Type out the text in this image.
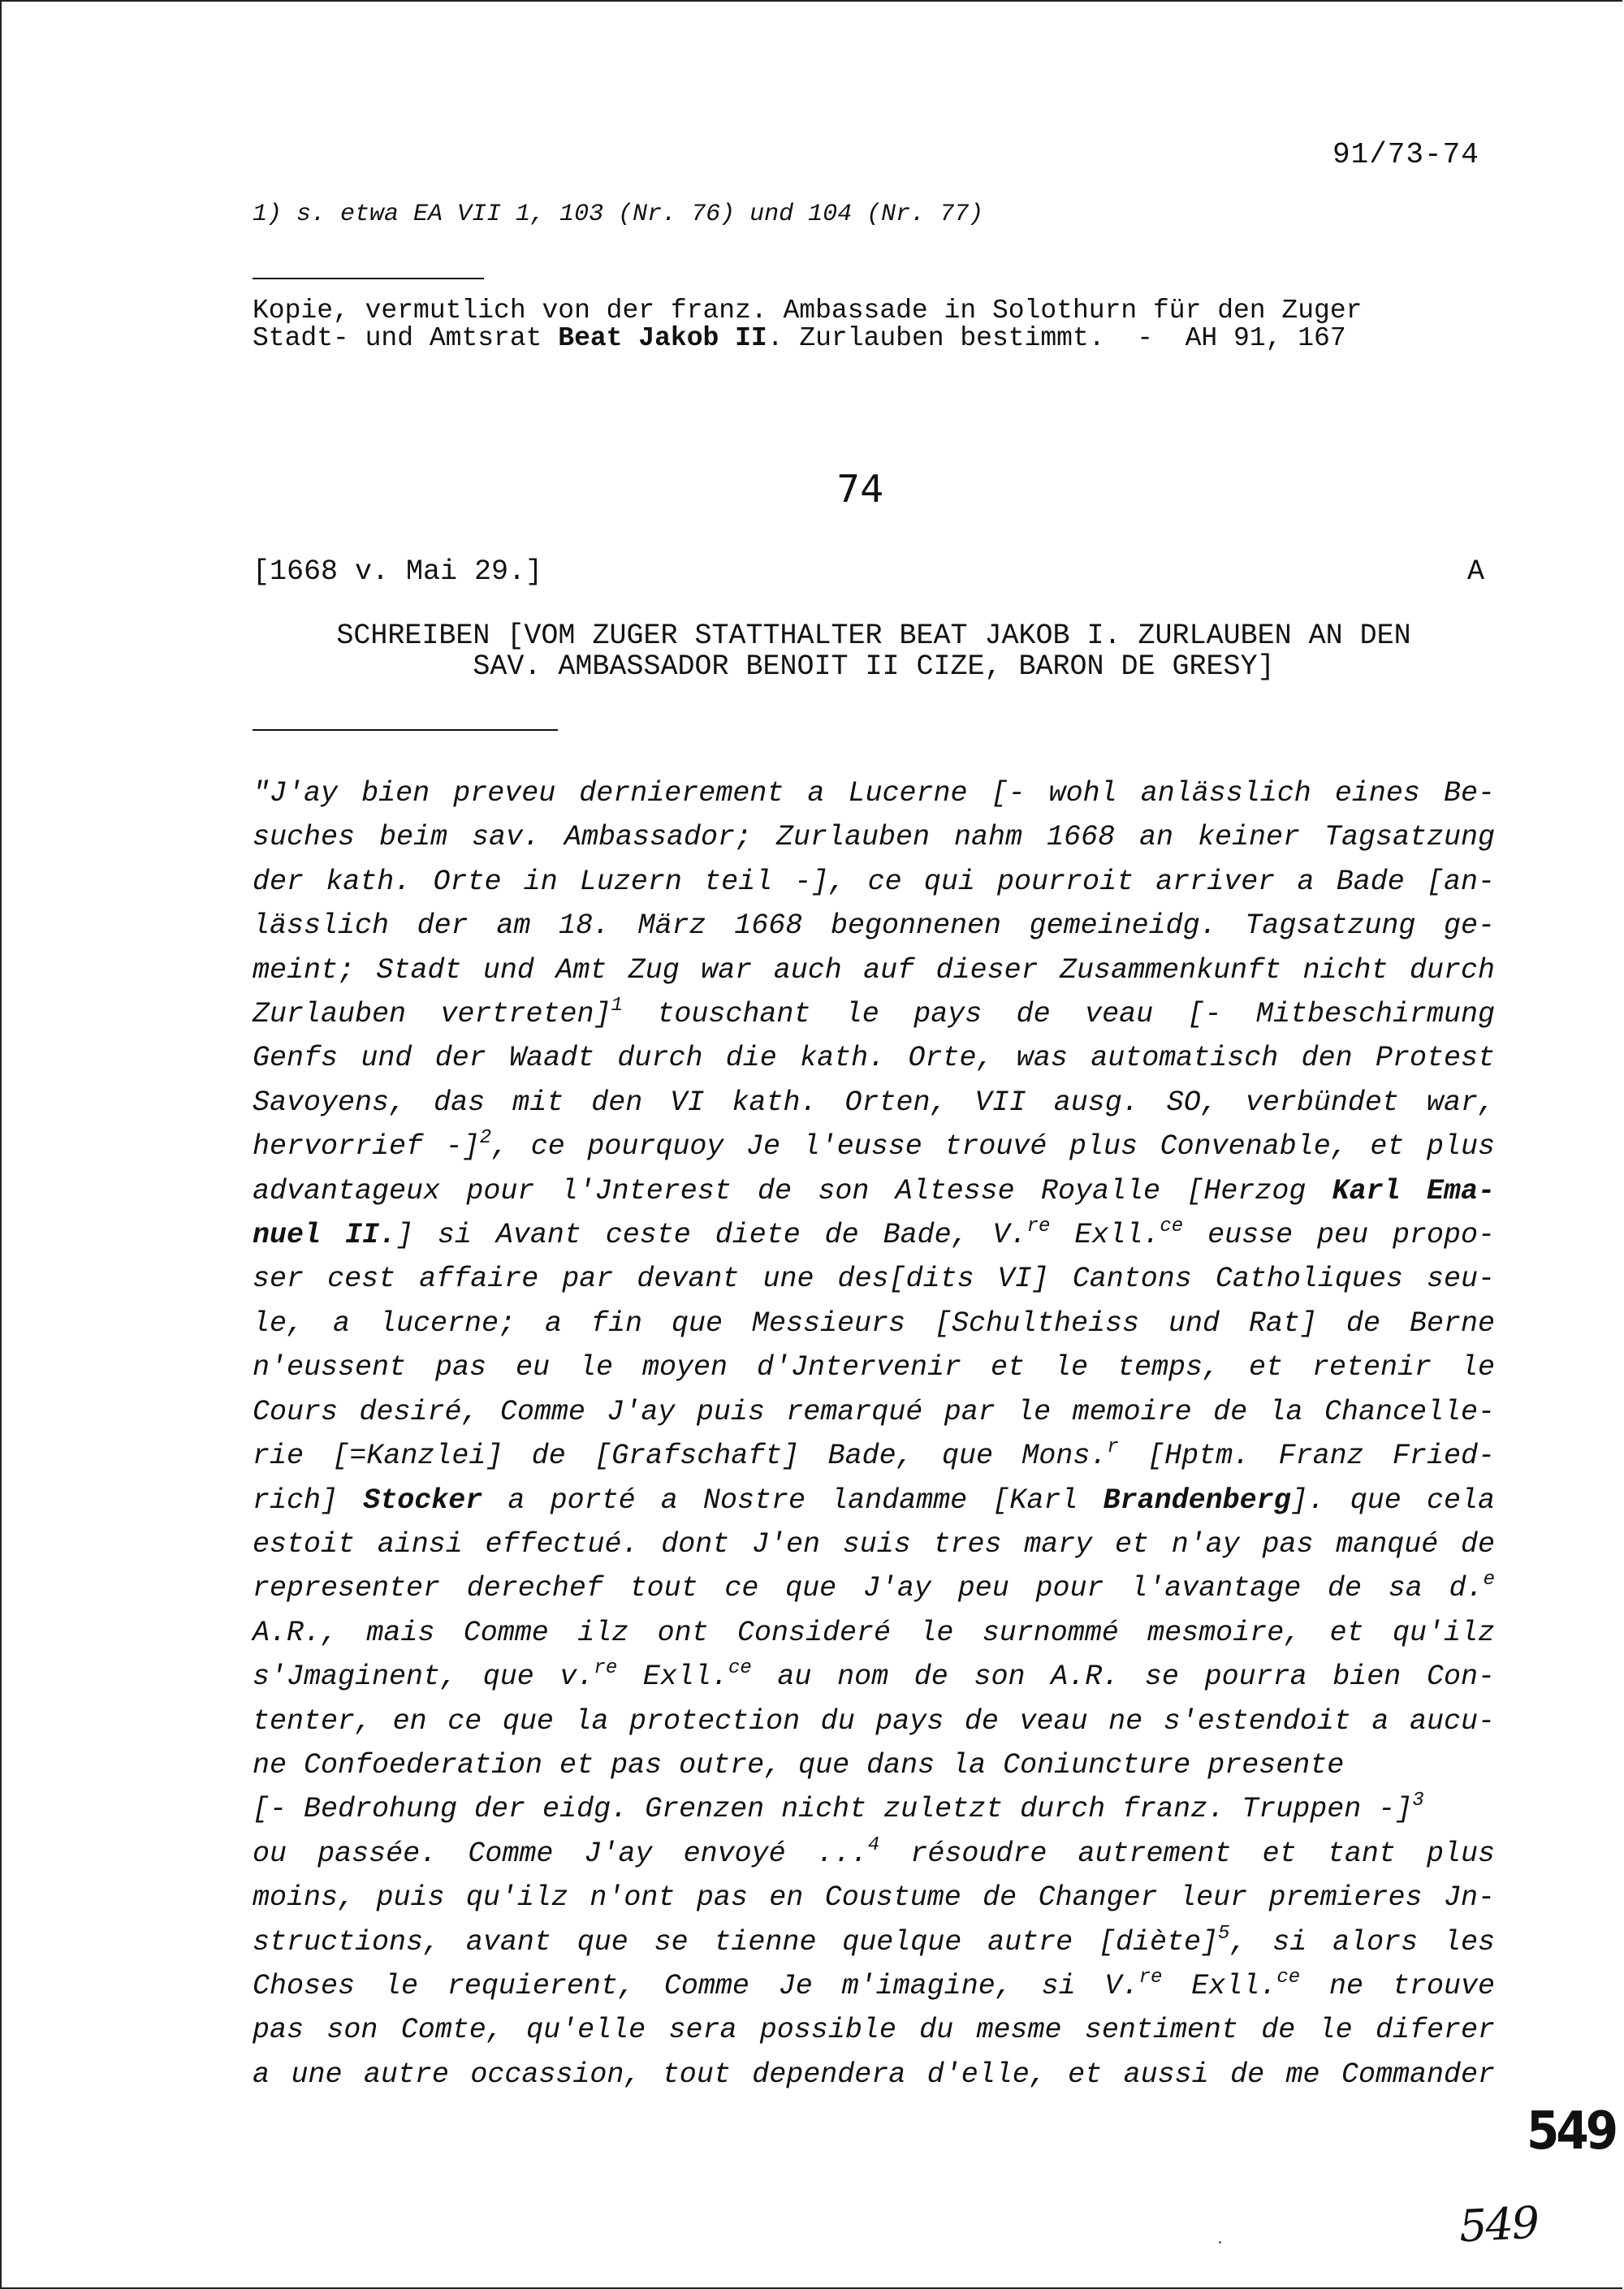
91/73-74
1) s. etwa EA VII 1, 103 (Nr. 76) und 104 (Nr. 77)
Kopie, vermutlich von der franz. Ambassade in Solothurn für den Zuger
Stadt- und Amtsrat Beat Jakob II. Zurlauben bestimmt.  -  AH 91, 167
74
[1668 v. Mai 29.]	A
SCHREIBEN [VOM ZUGER STATTHALTER BEAT JAKOB I. ZURLAUBEN AN DEN
SAV. AMBASSADOR BENOIT II CIZE, BARON DE GRESY]
"J'ay bien preveu dernierement a Lucerne [- wohl anlässlich eines Be-
suches beim sav. Ambassador; Zurlauben nahm 1668 an keiner Tagsatzung
der kath. Orte in Luzern teil -], ce qui pourroit arriver a Bade [an-
lässlich der am 18. März 1668 begonnenen gemeineidg. Tagsatzung ge-
meint; Stadt und Amt Zug war auch auf dieser Zusammenkunft nicht durch
Zurlauben vertreten]$^1$ touschant le pays de veau [- Mitbeschirmung
Genfs und der Waadt durch die kath. Orte, was automatisch den Protest
Savoyens, das mit den VI kath. Orten, VII ausg. SO, verbündet war,
hervorrief -]$^2$, ce pourquoy Je l'eusse trouvé plus Convenable, et plus
advantageux pour l'Jnterest de son Altesse Royalle [Herzog Karl Ema-
nuel II.] si Avant ceste diete de Bade, V.$^{re}$ Exll.$^{ce}$ eusse peu propo-
ser cest affaire par devant une des[dits VI] Cantons Catholiques seu-
le, a lucerne; a fin que Messieurs [Schultheiss und Rat] de Berne
n'eussent pas eu le moyen d'Jntervenir et le temps, et retenir le
Cours desiré, Comme J'ay puis remarqué par le memoire de la Chancelle-
rie [=Kanzlei] de [Grafschaft] Bade, que Mons.$^r$ [Hptm. Franz Fried-
rich] Stocker a porté a Nostre landamme [Karl Brandenberg]. que cela
estoit ainsi effectué. dont J'en suis tres mary et n'ay pas manqué de
representer derechef tout ce que J'ay peu pour l'avantage de sa d.$^e$
A.R., mais Comme ilz ont Consideré le surnommé mesmoire, et qu'ilz
s'Jmaginent, que v.$^{re}$ Exll.$^{ce}$ au nom de son A.R. se pourra bien Con-
tenter, en ce que la protection du pays de veau ne s'estendoit a aucu-
ne Confoederation et pas outre, que dans la Coniuncture presente
[- Bedrohung der eidg. Grenzen nicht zuletzt durch franz. Truppen -]$^3$
ou passée. Comme J'ay envoyé ...$^4$ résoudre autrement et tant plus
moins, puis qu'ilz n'ont pas en Coustume de Changer leur premieres Jn-
structions, avant que se tienne quelque autre [diète]$^5$, si alors les
Choses le requierent, Comme Je m'imagine, si V.$^{re}$ Exll.$^{ce}$ ne trouve
pas son Comte, qu'elle sera possible du mesme sentiment de le diferer
a une autre occassion, tout dependera d'elle, et aussi de me Commander
549
549
